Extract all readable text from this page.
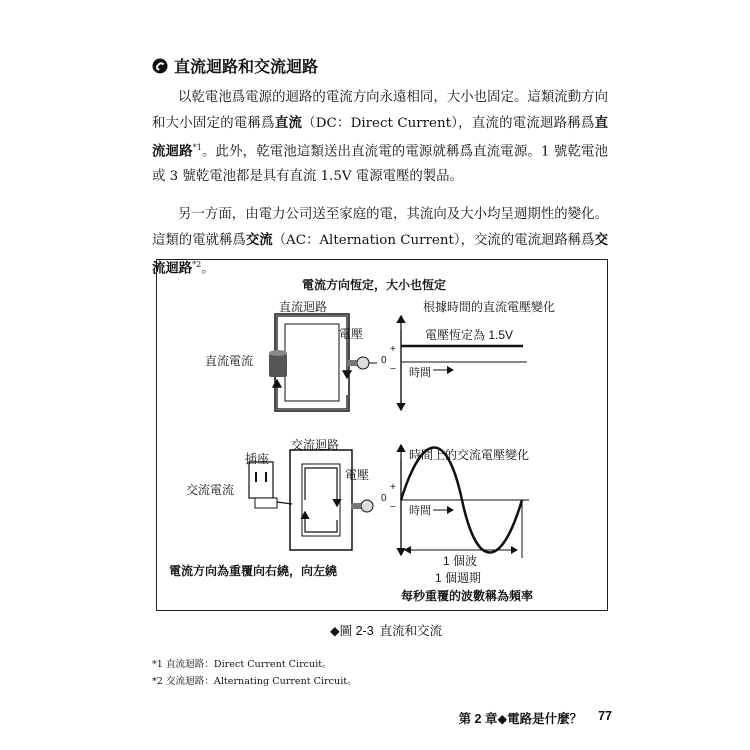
直流迴路和交流迴路
以乾電池爲電源的迴路的電流方向永遠相同，大小也固定。這類流動方向和大小固定的電稱爲直流（DC：Direct Current），直流的電流迴路稱爲直流迴路$^{*1}$。此外，乾電池這類送出直流電的電源就稱爲直流電源。1 號乾電池或 3 號乾電池都是具有直流 1.5V 電源電壓的製品。
另一方面，由電力公司送至家庭的電，其流向及大小均呈週期性的變化。這類的電就稱爲交流（AC：Alternation Current），交流的電流迴路稱爲交流迴路$^{*2}$。
電流方向恆定，大小也恆定
直流迴路	根據時間的直流電壓變化
電壓	電壓恆定為 1.5V
直流電流
+
0
− 時間
插座
交流迴路
時間上的交流電壓變化
交流電流
電壓
+
0
− 時間
電流方向為重覆向右繞，向左繞
1 個波
1 個週期
每秒重覆的波數稱為頻率
◆圖 2-3 直流和交流
*1 直流迴路：Direct Current Circuit。
*2 交流迴路：Alternating Current Circuit。
第 2 章◆電路是什麼？ 77
